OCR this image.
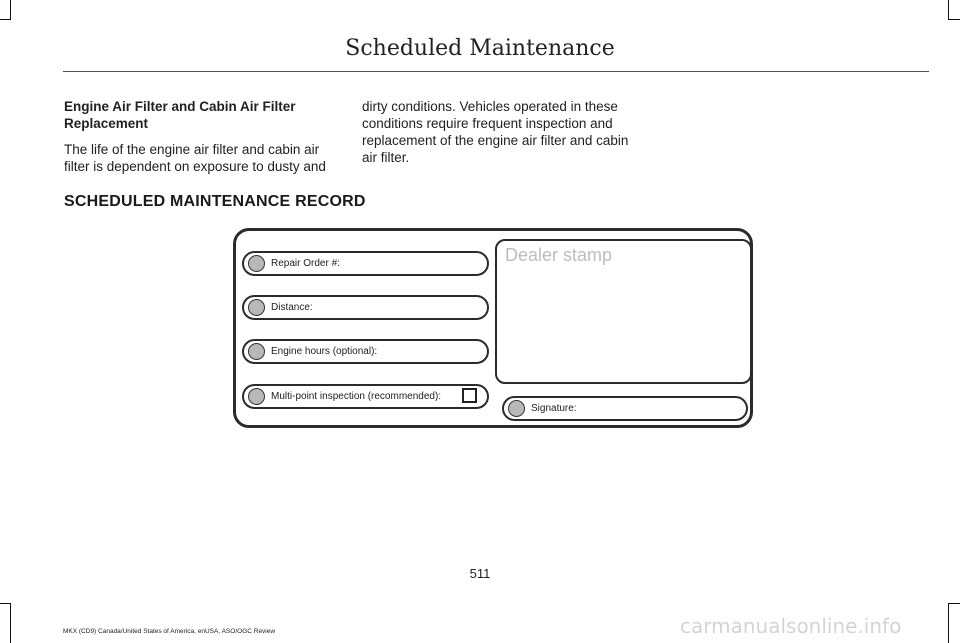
Scheduled Maintenance

Engine Air Filter and Cabin Air Filter Replacement

The life of the engine air filter and cabin air filter is dependent on exposure to dusty and

dirty conditions. Vehicles operated in these conditions require frequent inspection and replacement of the engine air filter and cabin air filter.

SCHEDULED MAINTENANCE RECORD
Repair Order #:
Distance:
Engine hours (optional):
Multi-point inspection (recommended):
Dealer stamp
Signature:
511
MKX (CD9) Canada/United States of America, enUSA, ASO/OGC Review	carmanualsonline.info
